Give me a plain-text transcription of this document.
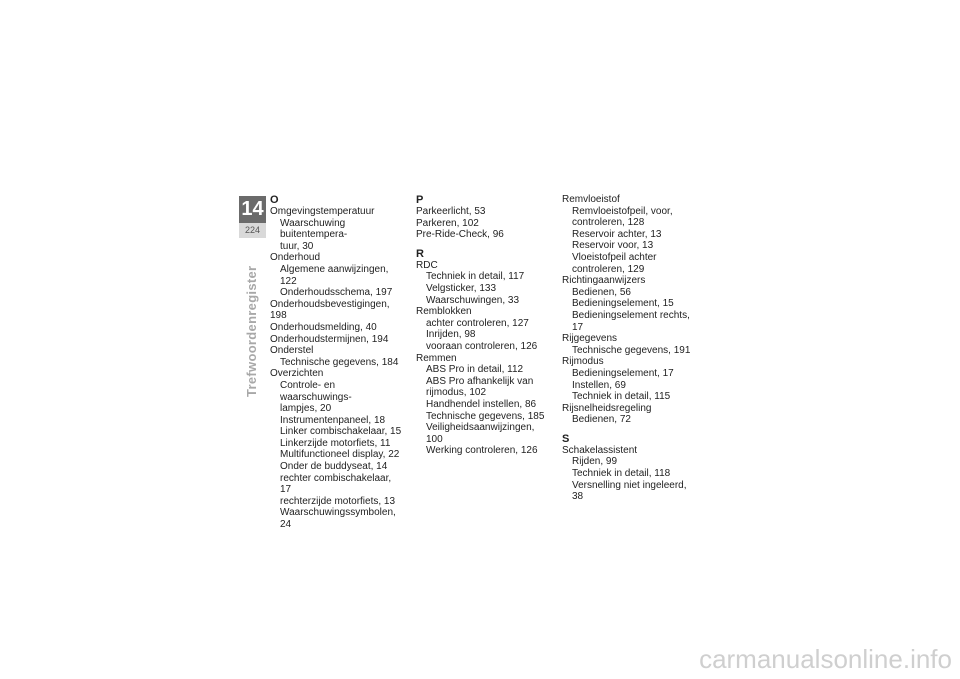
14
224
Trefwoordenregister
O
Omgevingstemperatuur
Waarschuwing buitentempera-
tuur, 30
Onderhoud
Algemene aanwijzingen, 122
Onderhoudsschema, 197
Onderhoudsbevestigingen, 198
Onderhoudsmelding, 40
Onderhoudstermijnen, 194
Onderstel
Technische gegevens, 184
Overzichten
Controle- en waarschuwings-
lampjes, 20
Instrumentenpaneel, 18
Linker combischakelaar, 15
Linkerzijde motorfiets, 11
Multifunctioneel display, 22
Onder de buddyseat, 14
rechter combischakelaar, 17
rechterzijde motorfiets, 13
Waarschuwingssymbolen, 24
P
Parkeerlicht, 53
Parkeren, 102
Pre-Ride-Check, 96
R
RDC
Techniek in detail, 117
Velgsticker, 133
Waarschuwingen, 33
Remblokken
achter controleren, 127
Inrijden, 98
vooraan controleren, 126
Remmen
ABS Pro in detail, 112
ABS Pro afhankelijk van
rijmodus, 102
Handhendel instellen, 86
Technische gegevens, 185
Veiligheidsaanwijzingen, 100
Werking controleren, 126
Remvloeistof
Remvloeistofpeil, voor,
controleren, 128
Reservoir achter, 13
Reservoir voor, 13
Vloeistofpeil achter
controleren, 129
Richtingaanwijzers
Bedienen, 56
Bedieningselement, 15
Bedieningselement rechts, 17
Rijgegevens
Technische gegevens, 191
Rijmodus
Bedieningselement, 17
Instellen, 69
Techniek in detail, 115
Rijsnelheidsregeling
Bedienen, 72
S
Schakelassistent
Rijden, 99
Techniek in detail, 118
Versnelling niet ingeleerd, 38
carmanualsonline.info
